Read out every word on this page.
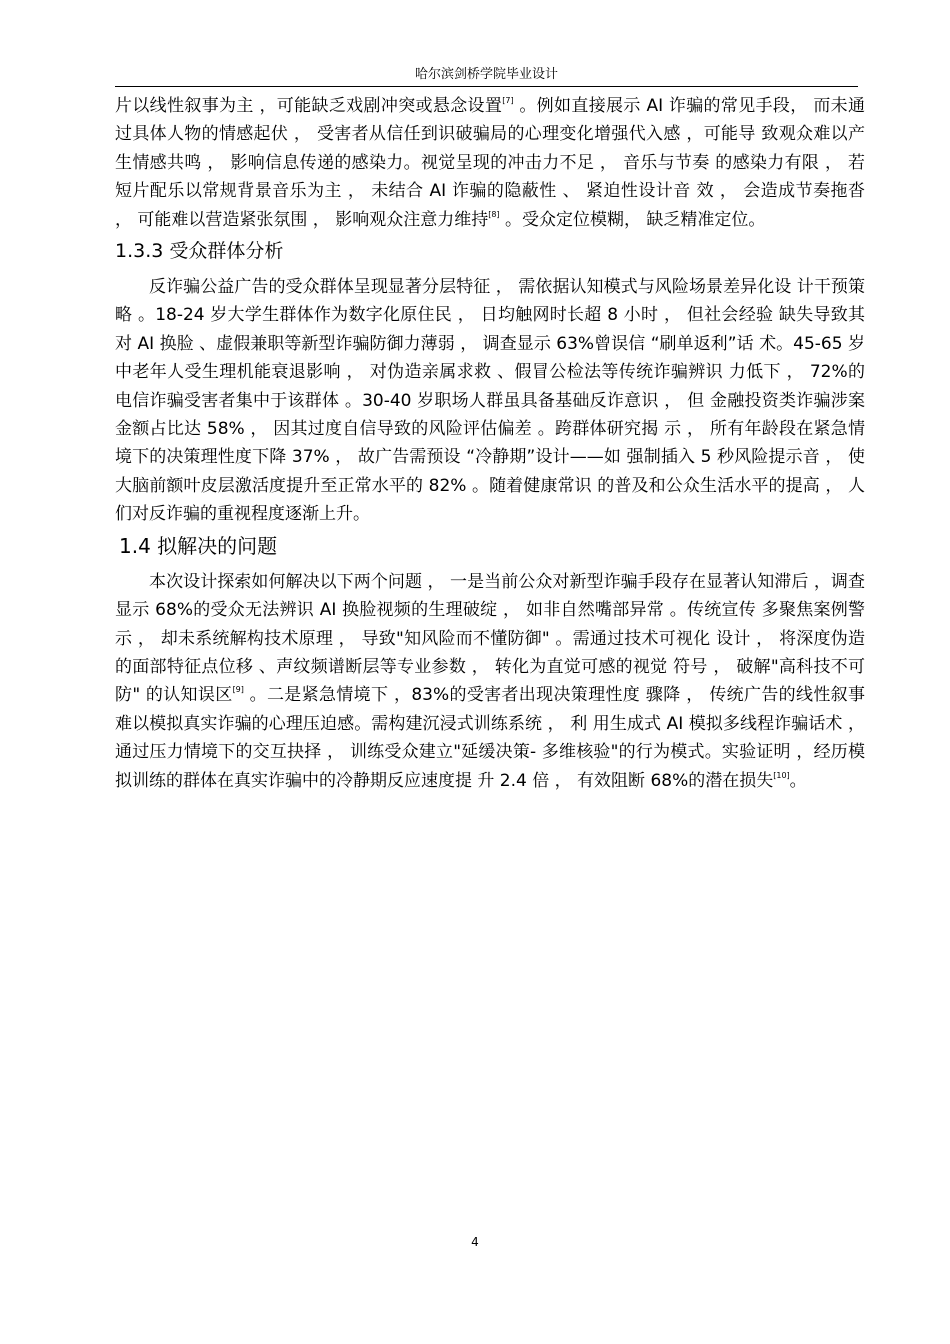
哈尔滨剑桥学院毕业设计

片以线性叙事为主 ，可能缺乏戏剧冲突或悬念设置[7] 。例如直接展示 AI 诈骗的常见手段， 而未通过具体人物的情感起伏 ， 受害者从信任到识破骗局的心理变化增强代入感 ，可能导 致观众难以产生情感共鸣 ， 影响信息传递的感染力。视觉呈现的冲击力不足 ， 音乐与节奏 的感染力有限 ， 若短片配乐以常规背景音乐为主 ， 未结合 AI 诈骗的隐蔽性 、 紧迫性设计音 效 ， 会造成节奏拖沓 ， 可能难以营造紧张氛围 ， 影响观众注意力维持[8] 。受众定位模糊， 缺乏精准定位。

1.3.3 受众群体分析

反诈骗公益广告的受众群体呈现显著分层特征 ， 需依据认知模式与风险场景差异化设 计干预策略 。18-24 岁大学生群体作为数字化原住民 ， 日均触网时长超 8 小时 ， 但社会经验 缺失导致其对 AI 换脸 、虚假兼职等新型诈骗防御力薄弱 ， 调查显示 63%曾误信 “刷单返利”话 术。45-65 岁中老年人受生理机能衰退影响 ， 对伪造亲属求救 、假冒公检法等传统诈骗辨识 力低下 ， 72%的电信诈骗受害者集中于该群体 。30-40 岁职场人群虽具备基础反诈意识 ， 但 金融投资类诈骗涉案金额占比达 58% ， 因其过度自信导致的风险评估偏差 。跨群体研究揭 示 ， 所有年龄段在紧急情境下的决策理性度下降 37% ， 故广告需预设 “冷静期”设计——如 强制插入 5 秒风险提示音 ， 使大脑前额叶皮层激活度提升至正常水平的 82% 。随着健康常识 的普及和公众生活水平的提高 ， 人们对反诈骗的重视程度逐渐上升。

1.4 拟解决的问题

本次设计探索如何解决以下两个问题 ， 一是当前公众对新型诈骗手段存在显著认知滞后 ，调查显示 68%的受众无法辨识 AI 换脸视频的生理破绽 ， 如非自然嘴部异常 。传统宣传 多聚焦案例警示 ， 却未系统解构技术原理 ， 导致"知风险而不懂防御" 。需通过技术可视化 设计 ， 将深度伪造的面部特征点位移 、声纹频谱断层等专业参数 ， 转化为直觉可感的视觉 符号 ， 破解"高科技不可防" 的认知误区[9] 。二是紧急情境下 ，83%的受害者出现决策理性度 骤降 ， 传统广告的线性叙事难以模拟真实诈骗的心理压迫感。需构建沉浸式训练系统 ， 利 用生成式 AI 模拟多线程诈骗话术 ， 通过压力情境下的交互抉择 ， 训练受众建立"延缓决策- 多维核验"的行为模式。实验证明 ，经历模拟训练的群体在真实诈骗中的冷静期反应速度提 升 2.4 倍 ， 有效阻断 68%的潜在损失[10]。

4
